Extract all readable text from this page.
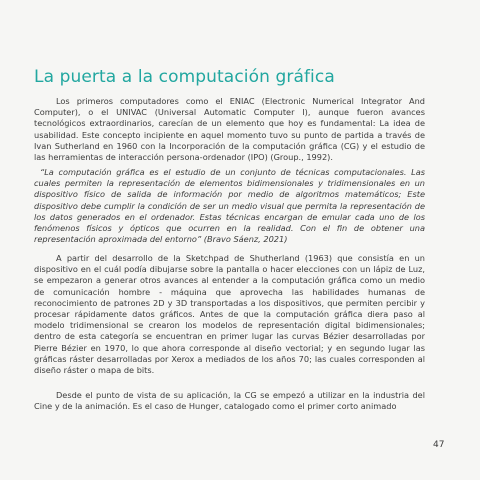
La puerta a la computación gráfica

Los primeros computadores como el ENIAC (Electronic Numerical Integrator And Computer), o el UNIVAC (Universal Automatic Computer I), aunque fueron avances tecnológicos extraordinarios, carecían de un elemento que hoy es fundamental: La idea de usabilidad. Este concepto incipiente en aquel momento tuvo su punto de partida a través de Ivan Sutherland en 1960 con la Incorporación de la computación gráfica (CG) y el estudio de las herramientas de interacción persona-ordenador (IPO) (Group., 1992).

“La computación gráfica es el estudio de un conjunto de técnicas computacionales. Las cuales permiten la representación de elementos bidimensionales y tridimensionales en un dispositivo físico de salida de información por medio de algoritmos matemáticos; Este dispositivo debe cumplir la condición de ser un medio visual que permita la representación de los datos generados en el ordenador. Estas técnicas encargan de emular cada uno de los fenómenos físicos y ópticos que ocurren en la realidad. Con el fin de obtener una representación aproximada del entorno” (Bravo Sáenz, 2021)

A partir del desarrollo de la Sketchpad de Shutherland (1963) que consistía en un dispositivo en el cuál podía dibujarse sobre la pantalla o hacer elecciones con un lápiz de Luz, se empezaron a generar otros avances al entender a la computación gráfica como un medio de comunicación hombre - máquina que aprovecha las habilidades humanas de reconocimiento de patrones 2D y 3D transportadas a los dispositivos, que permiten percibir y procesar rápidamente datos gráficos. Antes de que la computación gráfica diera paso al modelo tridimensional se crearon los modelos de representación digital bidimensionales; dentro de esta categoría se encuentran en primer lugar las curvas Bézier desarrolladas por Pierre Bézier en 1970, lo que ahora corresponde al diseño vectorial; y en segundo lugar las gráficas ráster desarrolladas por Xerox a mediados de los años 70; las cuales corresponden al diseño ráster o mapa de bits.

Desde el punto de vista de su aplicación, la CG se empezó a utilizar en la industria del Cine y de la animación. Es el caso de Hunger, catalogado como el primer corto animado

47
